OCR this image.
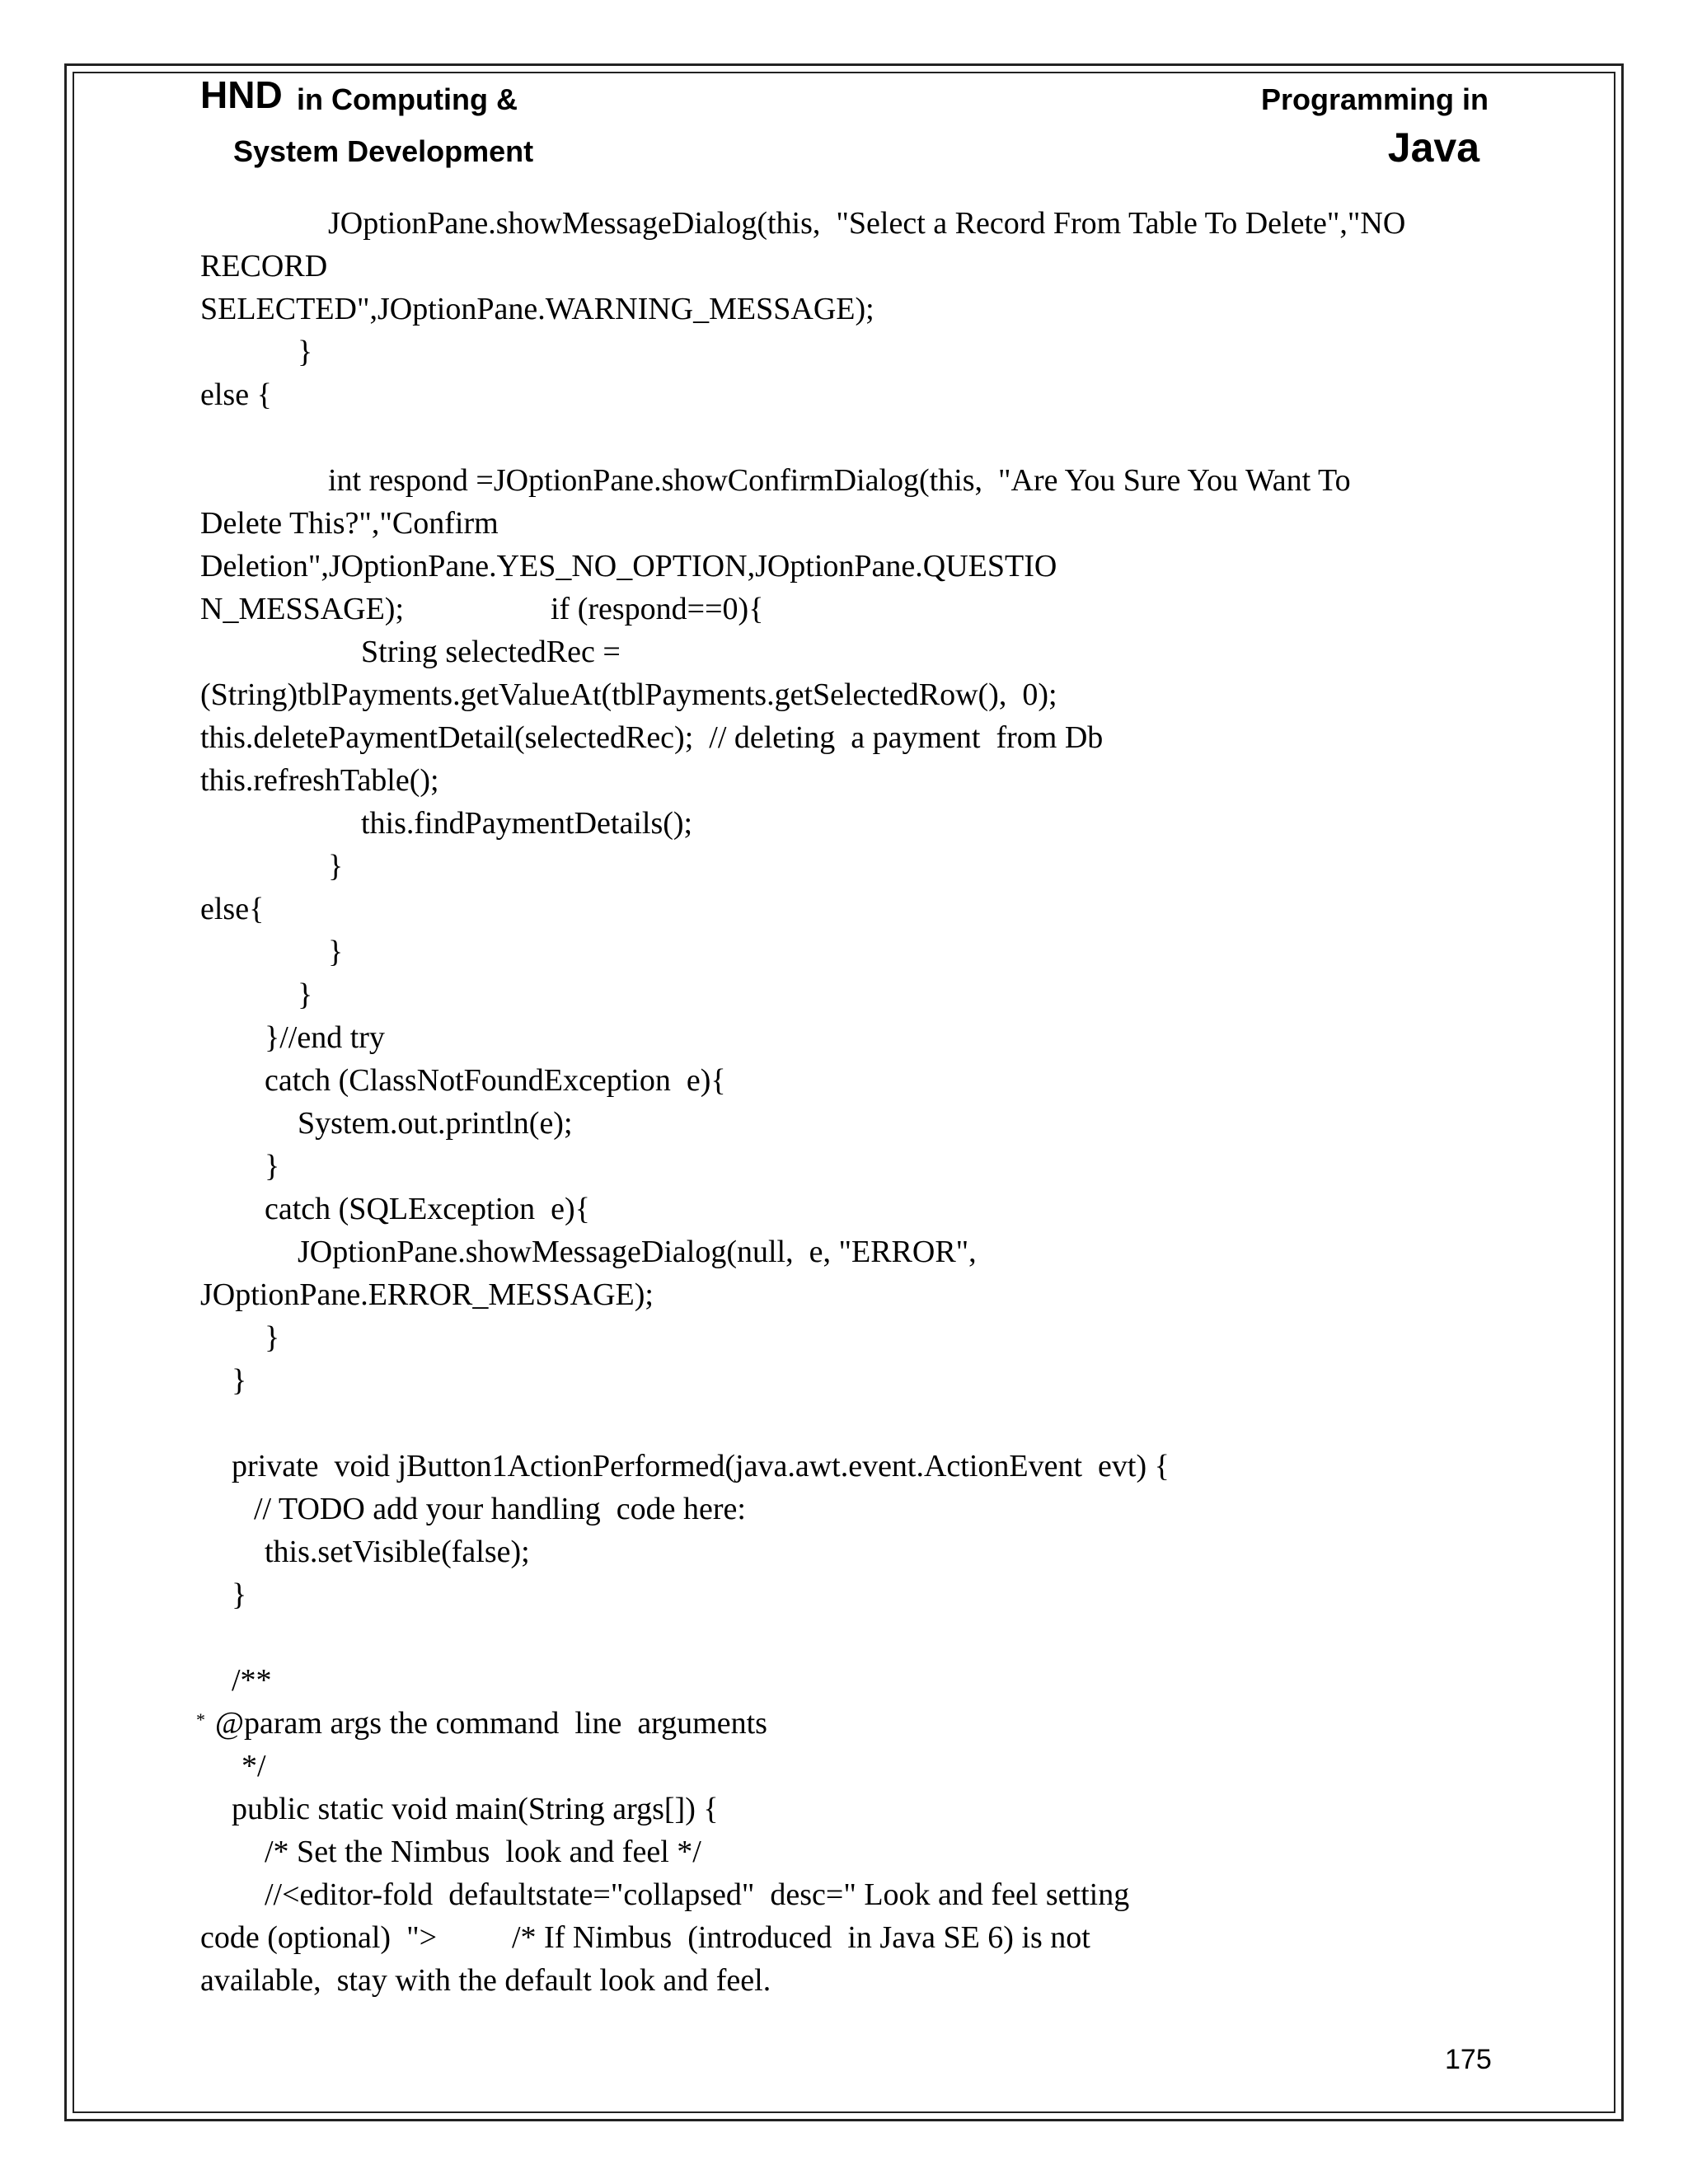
HND in Computing &
System Development
Programming in
Java
JOptionPane.showMessageDialog(this,  "Select a Record From Table To Delete","NO
RECORD
SELECTED",JOptionPane.WARNING_MESSAGE);
}
else {
int respond =JOptionPane.showConfirmDialog(this,  "Are You Sure You Want To
Delete This?","Confirm
Deletion",JOptionPane.YES_NO_OPTION,JOptionPane.QUESTIO
N_MESSAGE);	if (respond==0){
String selectedRec =
(String)tblPayments.getValueAt(tblPayments.getSelectedRow(),  0);
this.deletePaymentDetail(selectedRec);  // deleting  a payment  from Db
this.refreshTable();
this.findPaymentDetails();
}
else{
}
}
}//end try
catch (ClassNotFoundException  e){
System.out.println(e);
}
catch (SQLException  e){
JOptionPane.showMessageDialog(null,  e, "ERROR",
JOptionPane.ERROR_MESSAGE);
}
}
private  void jButton1ActionPerformed(java.awt.event.ActionEvent  evt) {
// TODO add your handling  code here:
this.setVisible(false);
}
/**
* @param args the command  line  arguments
*/
public static void main(String args[]) {
/* Set the Nimbus  look and feel */
//<editor-fold  defaultstate="collapsed"  desc=" Look and feel setting
code (optional)  "> /* If Nimbus  (introduced  in Java SE 6) is not
available,  stay with the default look and feel.
175
